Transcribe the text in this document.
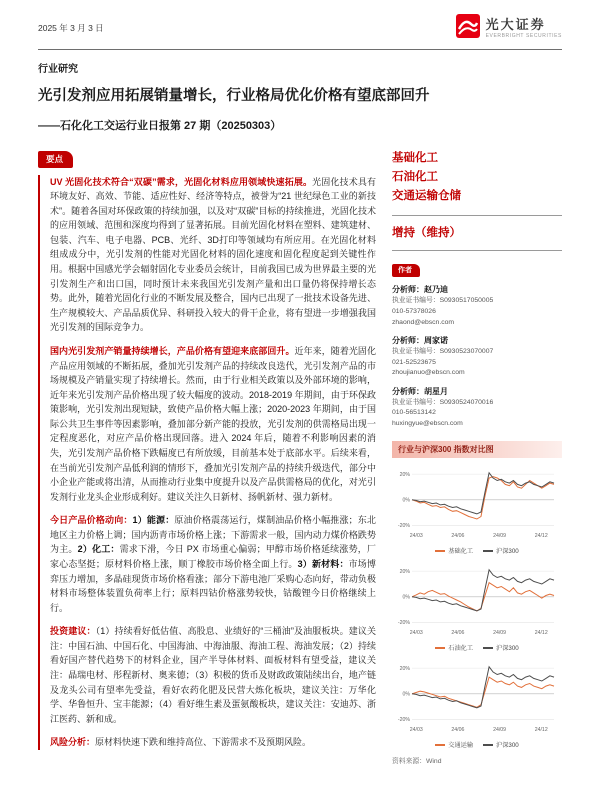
2025 年 3 月 3 日	光大证券
EVERBRIGHT SECURITIES
行业研究
光引发剂应用拓展销量增长，行业格局优化价格有望底部回升
——石化化工交运行业日报第 27 期（20250303）
要点

UV 光固化技术符合“双碳”需求，光固化材料应用领域快速拓展。光固化技术具有环境友好、高效、节能、适应性好、经济等特点，被誉为“21 世纪绿色工业的新技术”。随着各国对环保政策的持续加强，以及对“双碳”目标的持续推进，光固化技术的应用领域、范围和深度均得到了显著拓展。目前光固化材料在塑料、建筑建材、包装、汽车、电子电器、PCB、光纤、3D打印等领域均有所应用。在光固化材料组成成分中，光引发剂的性能对光固化材料的固化速度和固化程度起到关键性作用。根据中国感光学会辐射固化专业委员会统计，目前我国已成为世界最主要的光引发剂生产和出口国，同时预计未来我国光引发剂产量和出口量仍将保持增长态势。此外，随着光固化行业的不断发展及整合，国内已出现了一批技术设备先进、生产规模较大、产品品质优异、科研投入较大的骨干企业，将有望进一步增强我国光引发剂的国际竞争力。

国内光引发剂产销量持续增长，产品价格有望迎来底部回升。近年来，随着光固化产品应用领域的不断拓展，叠加光引发剂产品的持续改良迭代，光引发剂产品的市场规模及产销量实现了持续增长。然而，由于行业相关政策以及外部环境的影响，近年来光引发剂产品价格出现了较大幅度的波动。2018-2019 年期间，由于环保政策影响，光引发剂出现短缺，致使产品价格大幅上涨；2020-2023 年期间，由于国际公共卫生事件等因素影响，叠加部分新产能的投放，光引发剂的供需格局出现一定程度恶化，对应产品价格出现回落。进入 2024 年后，随着不利影响因素的消失，光引发剂产品价格下跌幅度已有所放缓，目前基本处于底部水平。后续来看，在当前光引发剂产品低利润的情形下，叠加光引发剂产品的持续升级迭代，部分中小企业产能或将出清，从而推动行业集中度提升以及产品供需格局的优化，对光引发剂行业龙头企业形成利好。建议关注久日新材、扬帆新材、强力新材。

今日产品价格动向：1）能源：原油价格震荡运行，煤制油品价格小幅推涨；东北地区主力价格上调；国内沥青市场价格上涨；下游需求一般，国内动力煤价格跌势为主。2）化工：需求下滑，今日 PX 市场重心偏弱；甲醇市场价格延续涨势，厂家心态坚挺；原材料价格上涨，顺丁橡胶市场价格全面上行。3）新材料：市场博弈压力增加，多晶硅现货市场价格看涨；部分下游电池厂采购心态向好，带动负极材料市场整体装置负荷率上行；原料四钴价格涨势较快，钴酸锂今日价格继续上行。

投资建议：（1）持续看好低估值、高股息、业绩好的“三桶油”及油服板块。建议关注：中国石油、中国石化、中国海油、中海油服、海油工程、海油发展；（2）持续看好国产替代趋势下的材料企业，国产半导体材料、面板材料有望受益，建议关注：晶瑞电材、彤程新材、奥来德；（3）积极的货币及财政政策陆续出台，地产链及龙头公司有望率先受益，看好农药化肥及民营大炼化板块，建议关注：万华化学、华鲁恒升、宝丰能源；（4）看好维生素及蛋氨酸板块，建议关注：安迪苏、浙江医药、新和成。

风险分析：原材料快速下跌和维持高位、下游需求不及预期风险。

基础化工
石油化工
交通运输仓储
增持（维持）
作者
分析师：赵乃迪
执业证书编号：S0930517050005
010-57378026
zhaond@ebscn.com
分析师：周家诺
执业证书编号：S0930523070007
021-52523675
zhoujianuo@ebscn.com
分析师：胡星月
执业证书编号：S0930524070016
010-56513142
huxingyue@ebscn.com
行业与沪深300 指数对比图
20%
0%
-20%
24/03	24/06	24/09	24/12
基础化工	沪深300
20%
0%
-20%
24/03	24/06	24/09	24/12
石油化工	沪深300
20%
0%
-20%
24/03	24/06	24/09	24/12
交通运输	沪深300
资料来源：Wind
